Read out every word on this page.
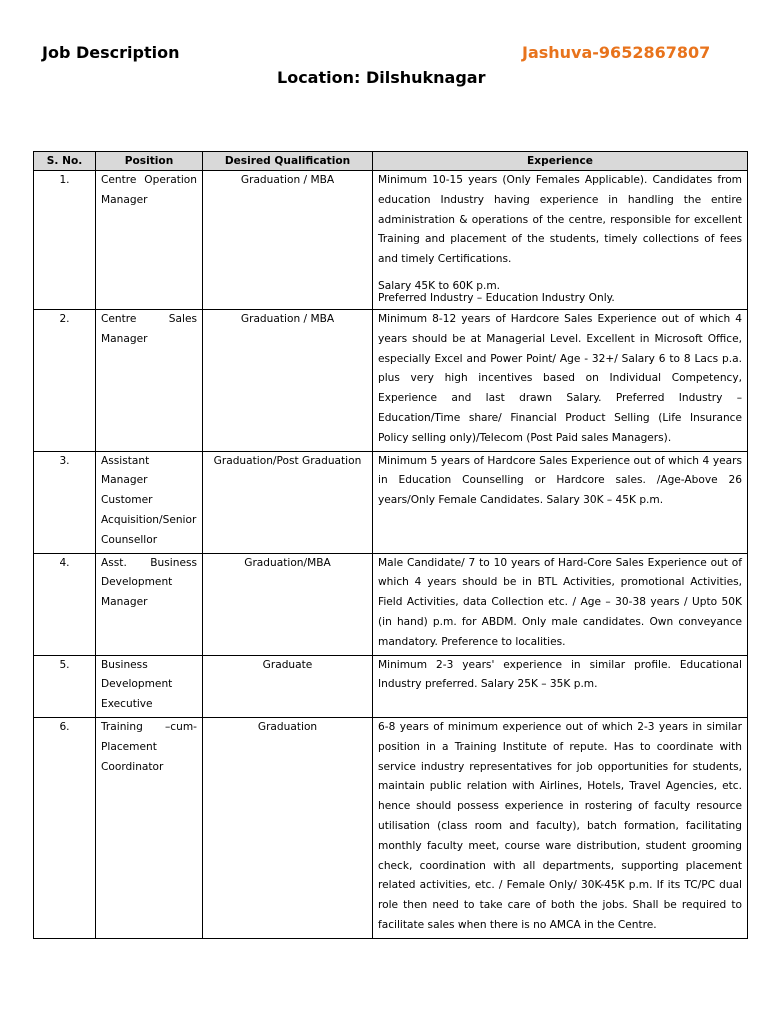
Job Description	Jashuva-9652867807
Location: Dilshuknagar
S. No.	Position	Desired Qualification	Experience
1.	Centre Operation Manager	Graduation / MBA	Minimum 10-15 years (Only Females Applicable). Candidates from education Industry having experience in handling the entire administration & operations of the centre, responsible for excellent Training and placement of the students, timely collections of fees and timely Certifications.
Salary 45K to 60K p.m.
Preferred Industry – Education Industry Only.

2.	Centre Sales Manager	Graduation / MBA	Minimum 8-12 years of Hardcore Sales Experience out of which 4 years should be at Managerial Level. Excellent in Microsoft Office, especially Excel and Power Point/ Age - 32+/ Salary 6 to 8 Lacs p.a. plus very high incentives based on Individual Competency, Experience and last drawn Salary. Preferred Industry – Education/Time share/ Financial Product Selling (Life Insurance Policy selling only)/Telecom (Post Paid sales Managers).
3.	Assistant Manager Customer Acquisition/Senior Counsellor	Graduation/Post Graduation	Minimum 5 years of Hardcore Sales Experience out of which 4 years in Education Counselling or Hardcore sales. /Age-Above 26 years/Only Female Candidates. Salary 30K – 45K p.m.
4.	Asst. Business Development Manager	Graduation/MBA	Male Candidate/ 7 to 10 years of Hard-Core Sales Experience out of which 4 years should be in BTL Activities, promotional Activities, Field Activities, data Collection etc. / Age – 30-38 years / Upto 50K (in hand) p.m. for ABDM. Only male candidates. Own conveyance mandatory. Preference to localities.
5.	Business Development Executive	Graduate	Minimum 2-3 years' experience in similar profile. Educational Industry preferred. Salary 25K – 35K p.m.
6.	Training –cum-Placement Coordinator	Graduation	6-8 years of minimum experience out of which 2-3 years in similar position in a Training Institute of repute. Has to coordinate with service industry representatives for job opportunities for students, maintain public relation with Airlines, Hotels, Travel Agencies, etc. hence should possess experience in rostering of faculty resource utilisation (class room and faculty), batch formation, facilitating monthly faculty meet, course ware distribution, student grooming check, coordination with all departments, supporting placement related activities, etc. / Female Only/ 30K-45K p.m. If its TC/PC dual role then need to take care of both the jobs. Shall be required to facilitate sales when there is no AMCA in the Centre.
